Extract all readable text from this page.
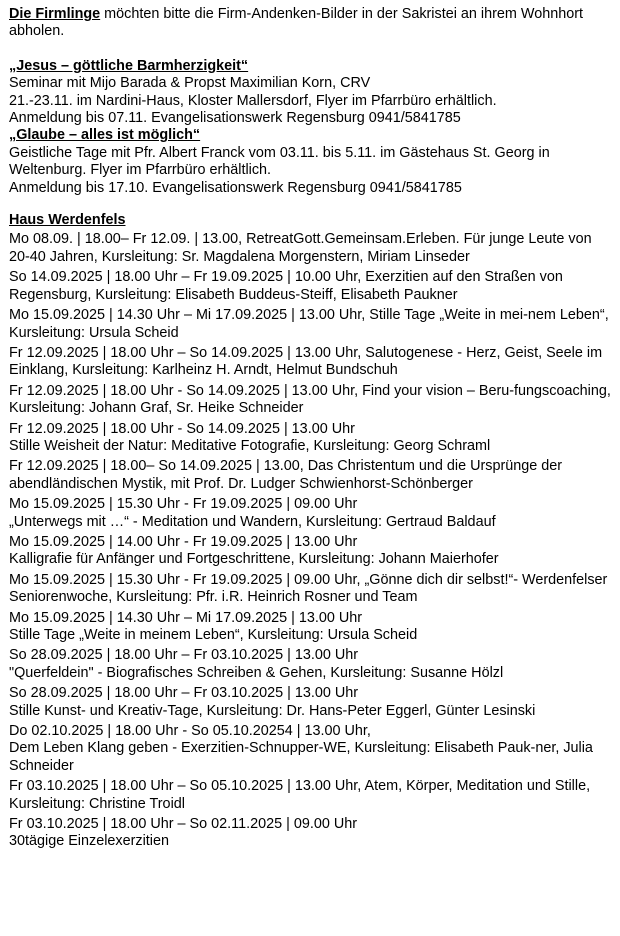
Die Firmlinge möchten bitte die Firm-Andenken-Bilder in der Sakristei an ihrem Wohnhort abholen.

„Jesus – göttliche Barmherzigkeit“

Seminar mit Mijo Barada & Propst Maximilian Korn, CRV

21.-23.11. im Nardini-Haus, Kloster Mallersdorf, Flyer im Pfarrbüro erhältlich.

Anmeldung bis 07.11. Evangelisationswerk Regensburg 0941/5841785

„Glaube – alles ist möglich“

Geistliche Tage mit Pfr. Albert Franck vom 03.11. bis 5.11. im Gästehaus St. Georg in Weltenburg. Flyer im Pfarrbüro erhältlich.

Anmeldung bis 17.10. Evangelisationswerk Regensburg 0941/5841785

Haus Werdenfels

Mo 08.09. | 18.00– Fr 12.09. | 13.00, RetreatGott.Gemeinsam.Erleben. Für junge Leute von 20-40 Jahren, Kursleitung: Sr. Magdalena Morgenstern, Miriam Linseder

So 14.09.2025 | 18.00 Uhr – Fr 19.09.2025 | 10.00 Uhr, Exerzitien auf den Straßen von Regensburg, Kursleitung: Elisabeth Buddeus-Steiff, Elisabeth Paukner

Mo 15.09.2025 | 14.30 Uhr – Mi 17.09.2025 | 13.00 Uhr, Stille Tage „Weite in mei-nem Leben“, Kursleitung: Ursula Scheid

Fr 12.09.2025 | 18.00 Uhr – So 14.09.2025 | 13.00 Uhr, Salutogenese - Herz, Geist, Seele im Einklang, Kursleitung: Karlheinz H. Arndt, Helmut Bundschuh

Fr 12.09.2025 | 18.00 Uhr - So 14.09.2025 | 13.00 Uhr, Find your vision – Beru-fungscoaching, Kursleitung: Johann Graf, Sr. Heike Schneider

Fr 12.09.2025 | 18.00 Uhr - So 14.09.2025 | 13.00 Uhr
Stille Weisheit der Natur: Meditative Fotografie, Kursleitung: Georg Schraml

Fr 12.09.2025 | 18.00– So 14.09.2025 | 13.00, Das Christentum und die Ursprünge der abendländischen Mystik, mit Prof. Dr. Ludger Schwienhorst-Schönberger

Mo 15.09.2025 | 15.30 Uhr - Fr 19.09.2025 | 09.00 Uhr
„Unterwegs mit …“ - Meditation und Wandern, Kursleitung: Gertraud Baldauf

Mo 15.09.2025 | 14.00 Uhr - Fr 19.09.2025 | 13.00 Uhr
Kalligrafie für Anfänger und Fortgeschrittene, Kursleitung: Johann Maierhofer

Mo 15.09.2025 | 15.30 Uhr - Fr 19.09.2025 | 09.00 Uhr, „Gönne dich dir selbst!“- Werdenfelser Seniorenwoche, Kursleitung: Pfr. i.R. Heinrich Rosner und Team

Mo 15.09.2025 | 14.30 Uhr – Mi 17.09.2025 | 13.00 Uhr
Stille Tage „Weite in meinem Leben“, Kursleitung: Ursula Scheid

So 28.09.2025 | 18.00 Uhr – Fr 03.10.2025 | 13.00 Uhr
"Querfeldein" - Biografisches Schreiben & Gehen, Kursleitung: Susanne Hölzl

So 28.09.2025 | 18.00 Uhr – Fr 03.10.2025 | 13.00 Uhr
Stille Kunst- und Kreativ-Tage, Kursleitung: Dr. Hans-Peter Eggerl, Günter Lesinski

Do 02.10.2025 | 18.00 Uhr - So 05.10.20254 | 13.00 Uhr,
Dem Leben Klang geben - Exerzitien-Schnupper-WE, Kursleitung: Elisabeth Pauk-ner, Julia Schneider

Fr 03.10.2025 | 18.00 Uhr – So 05.10.2025 | 13.00 Uhr, Atem, Körper, Meditation und Stille, Kursleitung: Christine Troidl

Fr 03.10.2025 | 18.00 Uhr – So 02.11.2025 | 09.00 Uhr
30tägige Einzelexerzitien
